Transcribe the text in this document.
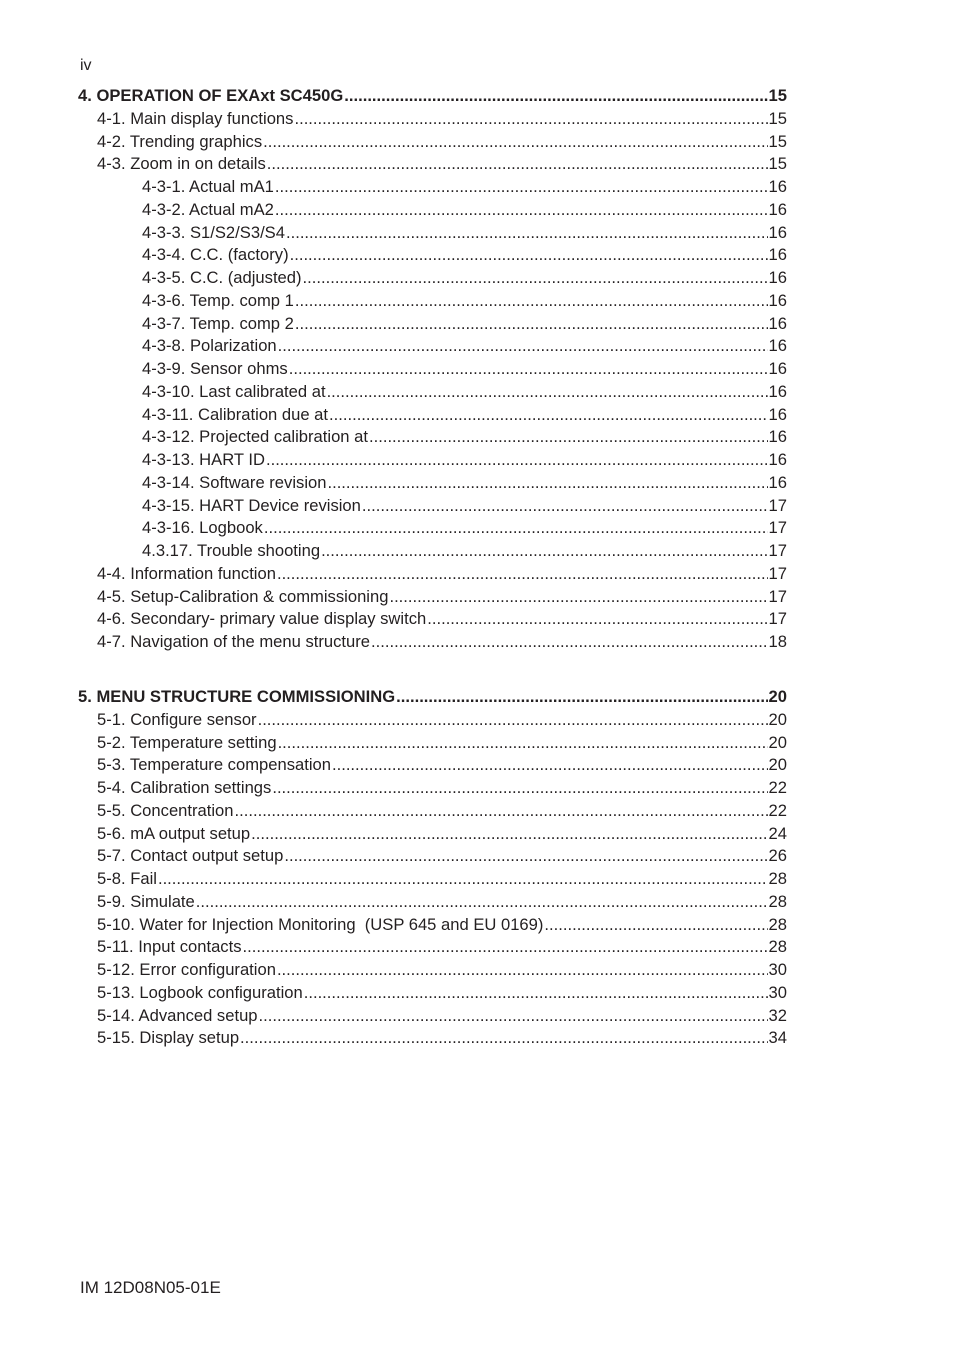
iv
4. OPERATION OF EXAxt SC450G .....	15
4-1. Main display functions .....	15
4-2. Trending graphics .....	15
4-3. Zoom in on details .....	15
4-3-1. Actual mA1 .....	16
4-3-2. Actual mA2 .....	16
4-3-3. S1/S2/S3/S4 .....	16
4-3-4. C.C. (factory) .....	16
4-3-5. C.C. (adjusted) .....	16
4-3-6. Temp. comp 1 .....	16
4-3-7. Temp. comp 2 .....	16
4-3-8. Polarization .....	16
4-3-9. Sensor ohms .....	16
4-3-10. Last calibrated at .....	16
4-3-11. Calibration due at .....	16
4-3-12. Projected calibration at .....	16
4-3-13. HART ID .....	16
4-3-14. Software revision .....	16
4-3-15. HART Device revision .....	17
4-3-16. Logbook .....	17
4.3.17. Trouble shooting .....	17
4-4. Information function .....	17
4-5. Setup-Calibration & commissioning .....	17
4-6. Secondary- primary value display switch .....	17
4-7. Navigation of the menu structure .....	18
5. MENU STRUCTURE COMMISSIONING .....	20
5-1. Configure sensor .....	20
5-2. Temperature setting .....	20
5-3. Temperature compensation .....	20
5-4. Calibration settings .....	22
5-5. Concentration .....	22
5-6. mA output setup .....	24
5-7. Contact output setup .....	26
5-8. Fail .....	28
5-9. Simulate .....	28
5-10. Water for Injection Monitoring  (USP 645 and EU 0169) .....	28
5-11. Input contacts .....	28
5-12. Error configuration .....	30
5-13. Logbook configuration .....	30
5-14. Advanced setup .....	32
5-15. Display setup .....	34
IM 12D08N05-01E
